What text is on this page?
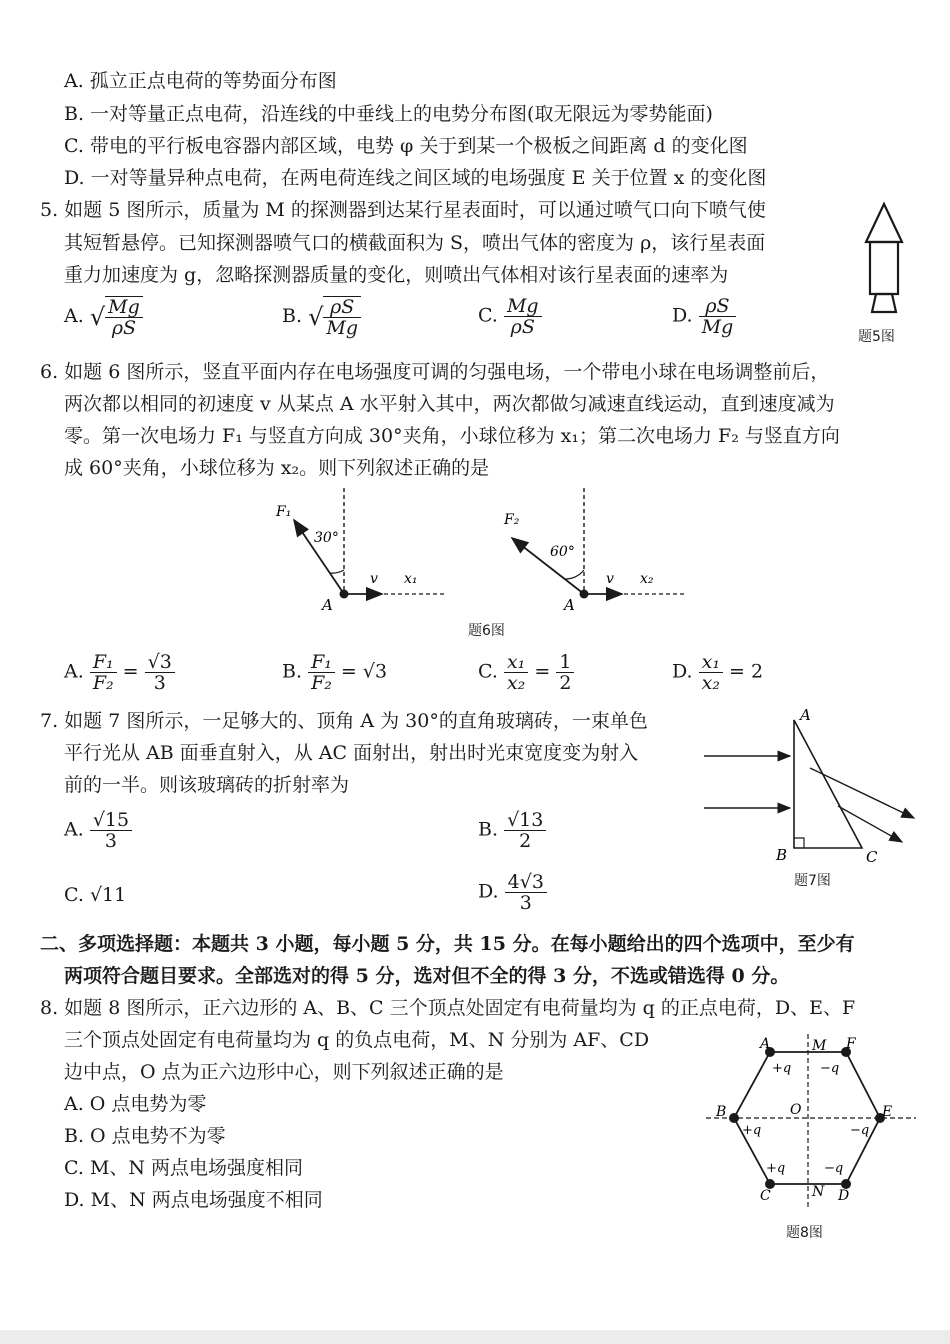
A. 孤立正点电荷的等势面分布图
B. 一对等量正点电荷，沿连线的中垂线上的电势分布图(取无限远为零势能面)
C. 带电的平行板电容器内部区域，电势 φ 关于到某一个极板之间距离 d 的变化图
D. 一对等量异种点电荷，在两电荷连线之间区域的电场强度 E 关于位置 x 的变化图
5. 如题 5 图所示，质量为 M 的探测器到达某行星表面时，可以通过喷气口向下喷气使
其短暂悬停。已知探测器喷气口的横截面积为 S，喷出气体的密度为 ρ，该行星表面
重力加速度为 g，忽略探测器质量的变化，则喷出气体相对该行星表面的速率为
A. √ $\frac{Mg}{\rho S}$	B. √ $\frac{\rho S}{Mg}$	C. $\frac{Mg}{\rho S}$	D. $\frac{\rho S}{Mg}$	题5图
6. 如题 6 图所示，竖直平面内存在电场强度可调的匀强电场，一个带电小球在电场调整前后，
两次都以相同的初速度 v 从某点 A 水平射入其中，两次都做匀减速直线运动，直到速度减为
零。第一次电场力 F₁ 与竖直方向成 30°夹角，小球位移为 x₁；第二次电场力 F₂ 与竖直方向
成 60°夹角，小球位移为 x₂。则下列叙述正确的是
F₁
30°
v x₁
A
F₂
60°
v x₂
A
题6图
A. $\frac{\text{F₁}}{\text{F₂}} = \frac{√3}{3}$	B. $\frac{\text{F₁}}{\text{F₂}} = √3$	C. $\frac{\text{x₁}}{\text{x₂}} = \frac{1}{2}$	D. $\frac{\text{x₁}}{\text{x₂}} = 2$
7. 如题 7 图所示，一足够大的、顶角 A 为 30°的直角玻璃砖，一束单色
平行光从 AB 面垂直射入，从 AC 面射出，射出时光束宽度变为射入
前的一半。则该玻璃砖的折射率为
A. $\frac{√15}{3}$	B. $\frac{√13}{2}$
C. √11	D. $\frac{4√3}{3}$
A
B	C
题7图
二、多项选择题：本题共 3 小题，每小题 5 分，共 15 分。在每小题给出的四个选项中，至少有
两项符合题目要求。全部选对的得 5 分，选对但不全的得 3 分，不选或错选得 0 分。
8. 如题 8 图所示，正六边形的 A、B、C 三个顶点处固定有电荷量均为 q 的正点电荷，D、E、F
三个顶点处固定有电荷量均为 q 的负点电荷，M、N 分别为 AF、CD
边中点，O 点为正六边形中心，则下列叙述正确的是
A. O 点电势为零
B. O 点电势不为零
C. M、N 两点电场强度相同
D. M、N 两点电场强度不相同
A	M F
B	O	E
C	N D
+q −q
+q	−q
+q	−q
题8图
